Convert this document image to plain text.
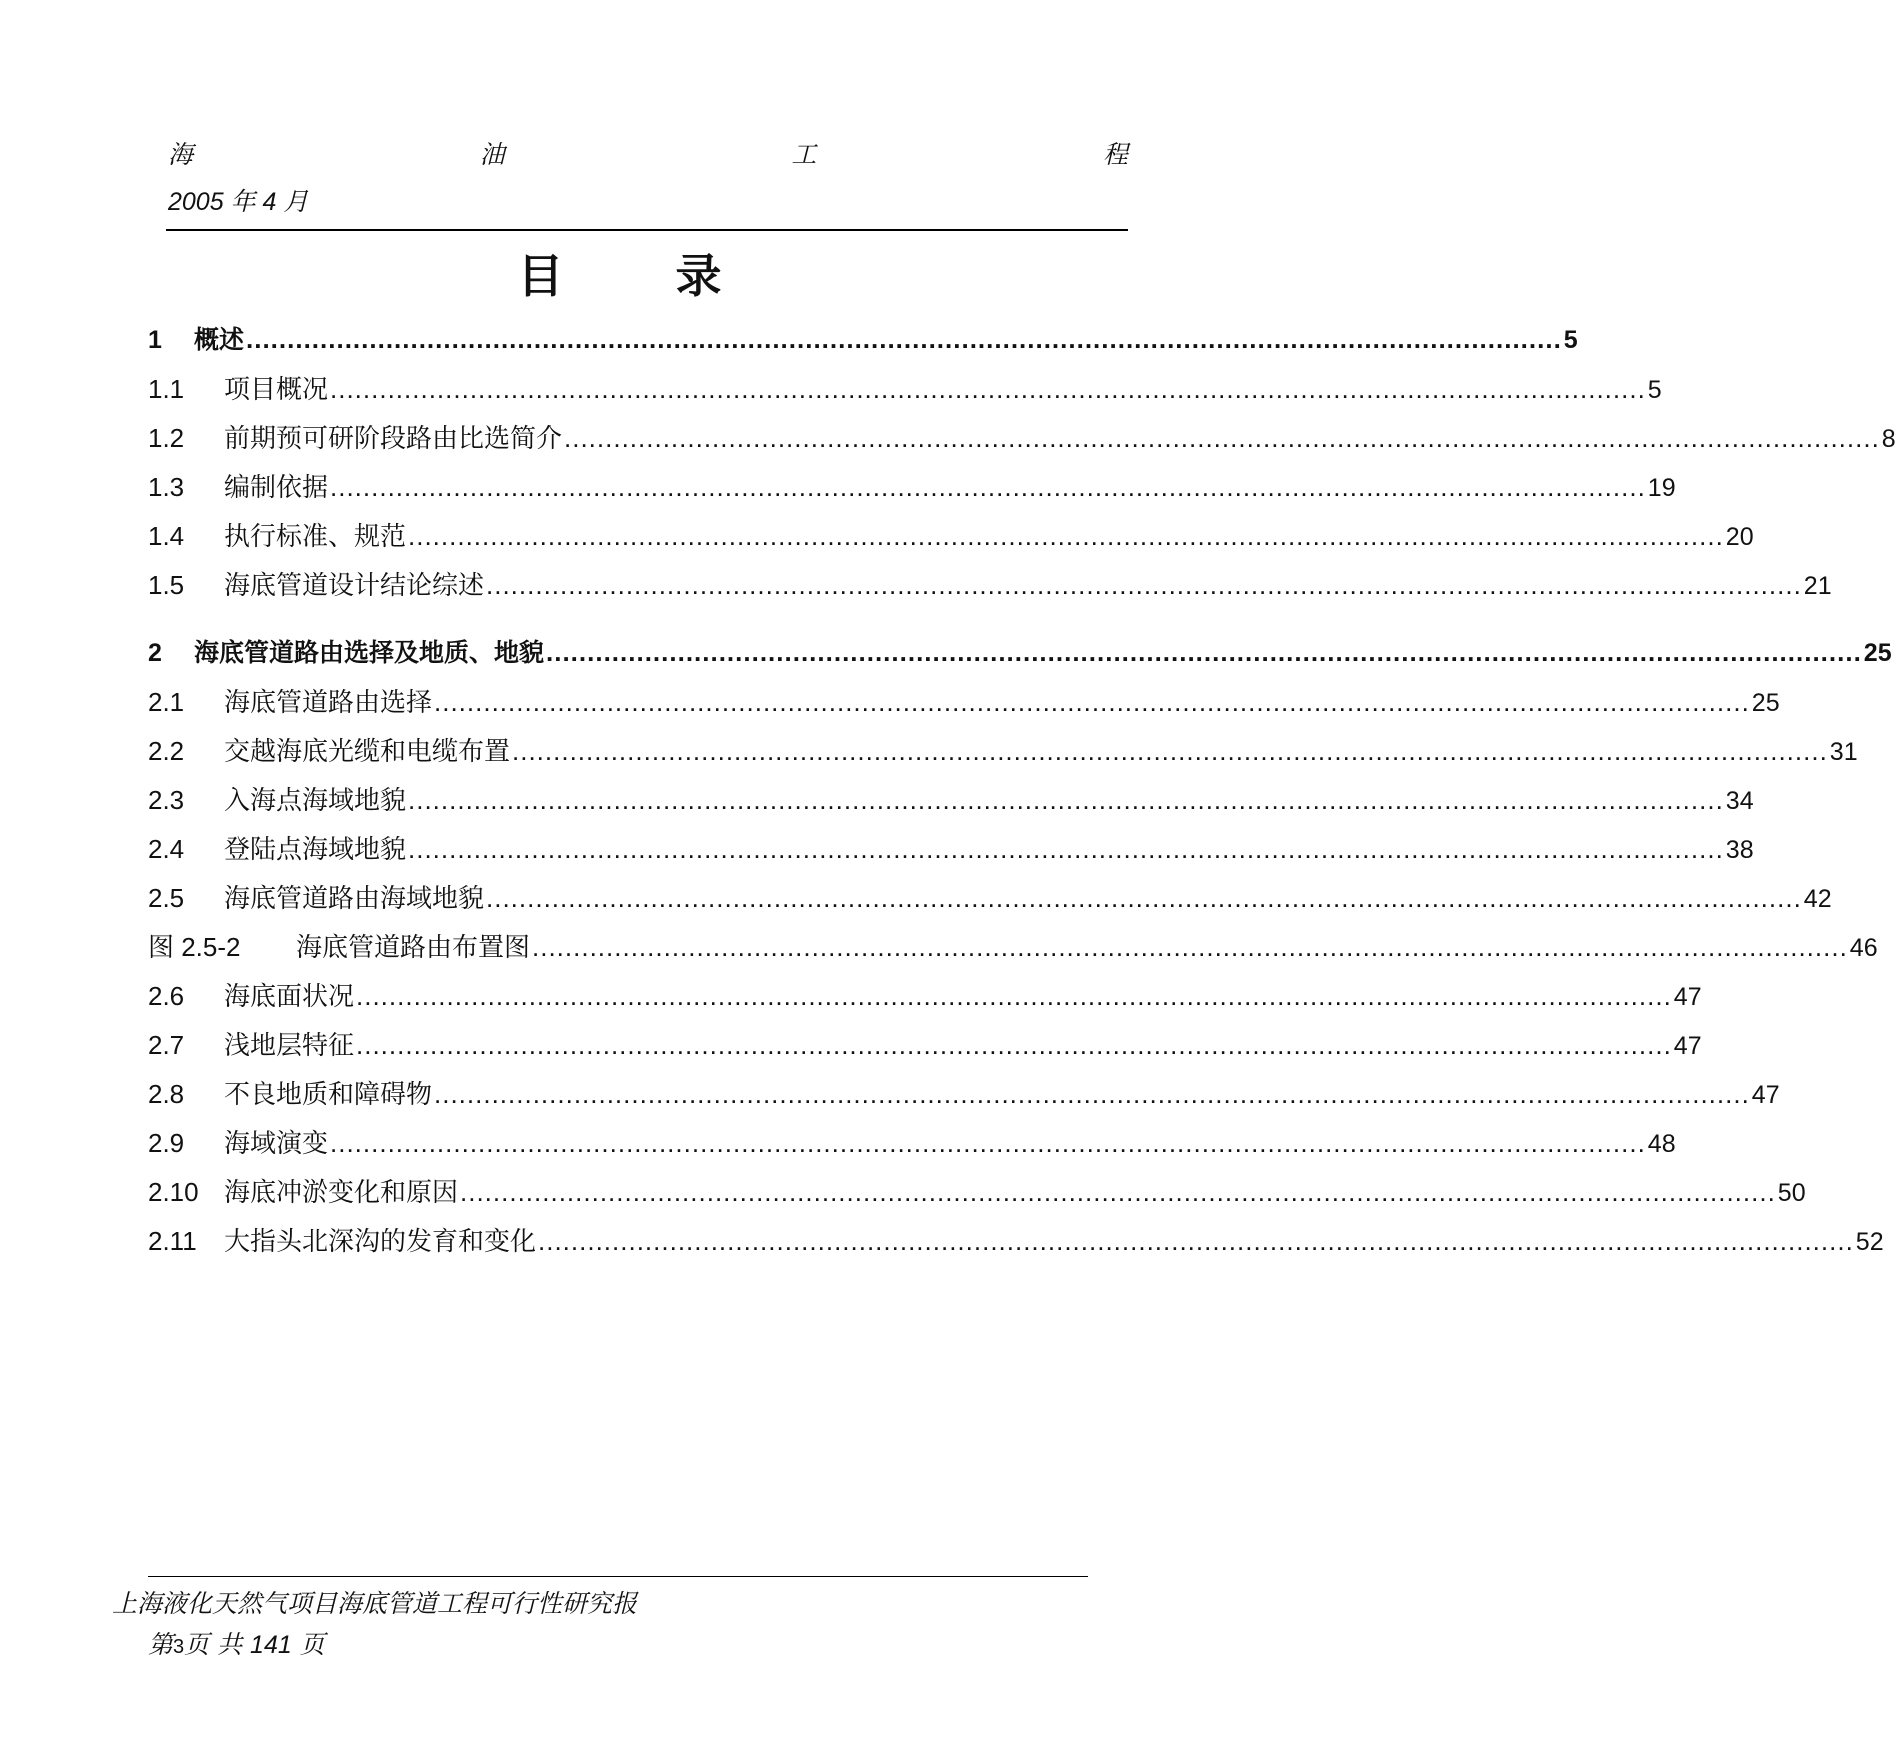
海	油	工	程
2005 年 4 月
目 录
1	概述 ................................................................................................................................................................ 5
1.1	项目概况 ................................................................................................................................................................ 5
1.2	前期预可研阶段路由比选简介 ................................................................................................................................................................ 8
1.3	编制依据 ................................................................................................................................................................ 19
1.4	执行标准、规范 ................................................................................................................................................................ 20
1.5	海底管道设计结论综述 ................................................................................................................................................................ 21
2	海底管道路由选择及地质、地貌 ................................................................................................................................................................ 25
2.1	海底管道路由选择 ................................................................................................................................................................ 25
2.2	交越海底光缆和电缆布置 ................................................................................................................................................................ 31
2.3	入海点海域地貌 ................................................................................................................................................................ 34
2.4	登陆点海域地貌 ................................................................................................................................................................ 38
2.5	海底管道路由海域地貌 ................................................................................................................................................................ 42
图 2.5-2	海底管道路由布置图 ................................................................................................................................................................ 46
2.6	海底面状况 ................................................................................................................................................................ 47
2.7	浅地层特征 ................................................................................................................................................................ 47
2.8	不良地质和障碍物 ................................................................................................................................................................ 47
2.9	海域演变 ................................................................................................................................................................ 48
2.10 海底冲淤变化和原因 ................................................................................................................................................................ 50
2.11	大指头北深沟的发育和变化 ................................................................................................................................................................ 52
上海液化天然气项目海底管道工程可行性研究报
第3页 共 141 页
